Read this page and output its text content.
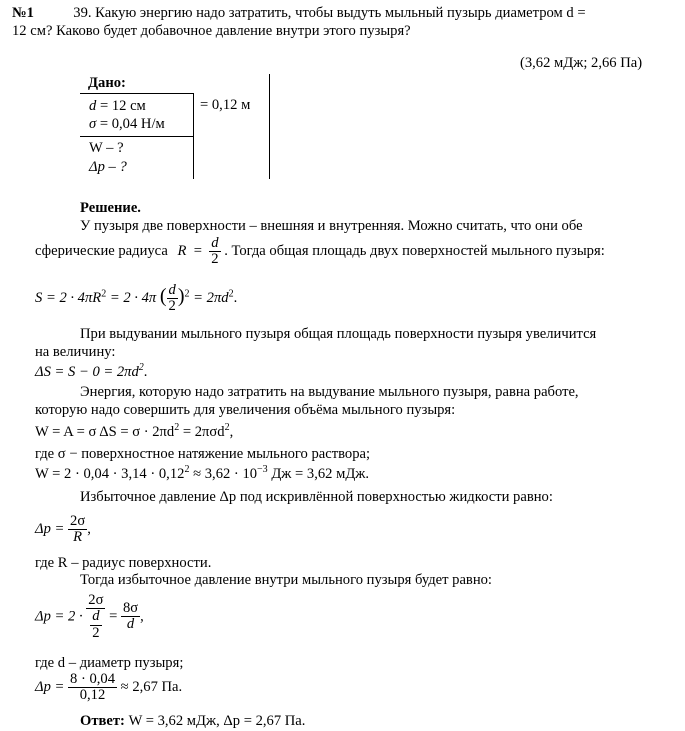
№1	39. Какую энергию надо затратить, чтобы выдуть мыльный пузырь диаметром d =
12 см? Каково будет добавочное давление внутри этого пузыря?
(3,62 мДж; 2,66 Па)
Дано:
d = 12 см
σ = 0,04 Н/м
W – ?
Δp – ?
= 0,12 м
Решение.
У пузыря две поверхности – внешняя и внутренняя. Можно считать, что они обе
сферические радиуса $R = \frac{d}{2}$ . Тогда общая площадь двух поверхностей мыльного пузыря:
$S = 2 \cdot 4\pi R^2 = 2 \cdot 4\pi$ ( $\frac{d}{2} )^2 = 2\pi d^2$.
При выдувании мыльного пузыря общая площадь поверхности пузыря увеличится
на величину:
$\Delta S = S - 0 = 2\pi d^2$.
Энергия, которую надо затратить на выдувание мыльного пузыря, равна работе,
которую надо совершить для увеличения объёма мыльного пузыря:
W = A = σ $\Delta S = \sigma \cdot 2\pi d^2 = 2\pi\sigma d^2$,
где σ − поверхностное натяжение мыльного раствора;
$W = 2 \cdot 0,04 \cdot 3,14 \cdot 0,12^2 \approx 3,62 \cdot 10^{-3}$ Дж = 3,62 мДж.
Избыточное давление Δp под искривлённой поверхностью жидкости равно:
$\Delta p = \frac{2\sigma}{R}$ ,
где R – радиус поверхности.
Тогда избыточное давление внутри мыльного пузыря будет равно:
$\Delta p = 2 \cdot \frac{2\sigma}{\frac{d}{2}} = \frac{8\sigma}{d}$ ,
где d – диаметр пузыря;
$\Delta p = \frac{8 \cdot 0,04}{0,12} \approx 2,67$ Па.
Ответ: W = 3,62 мДж, Δp = 2,67 Па.
